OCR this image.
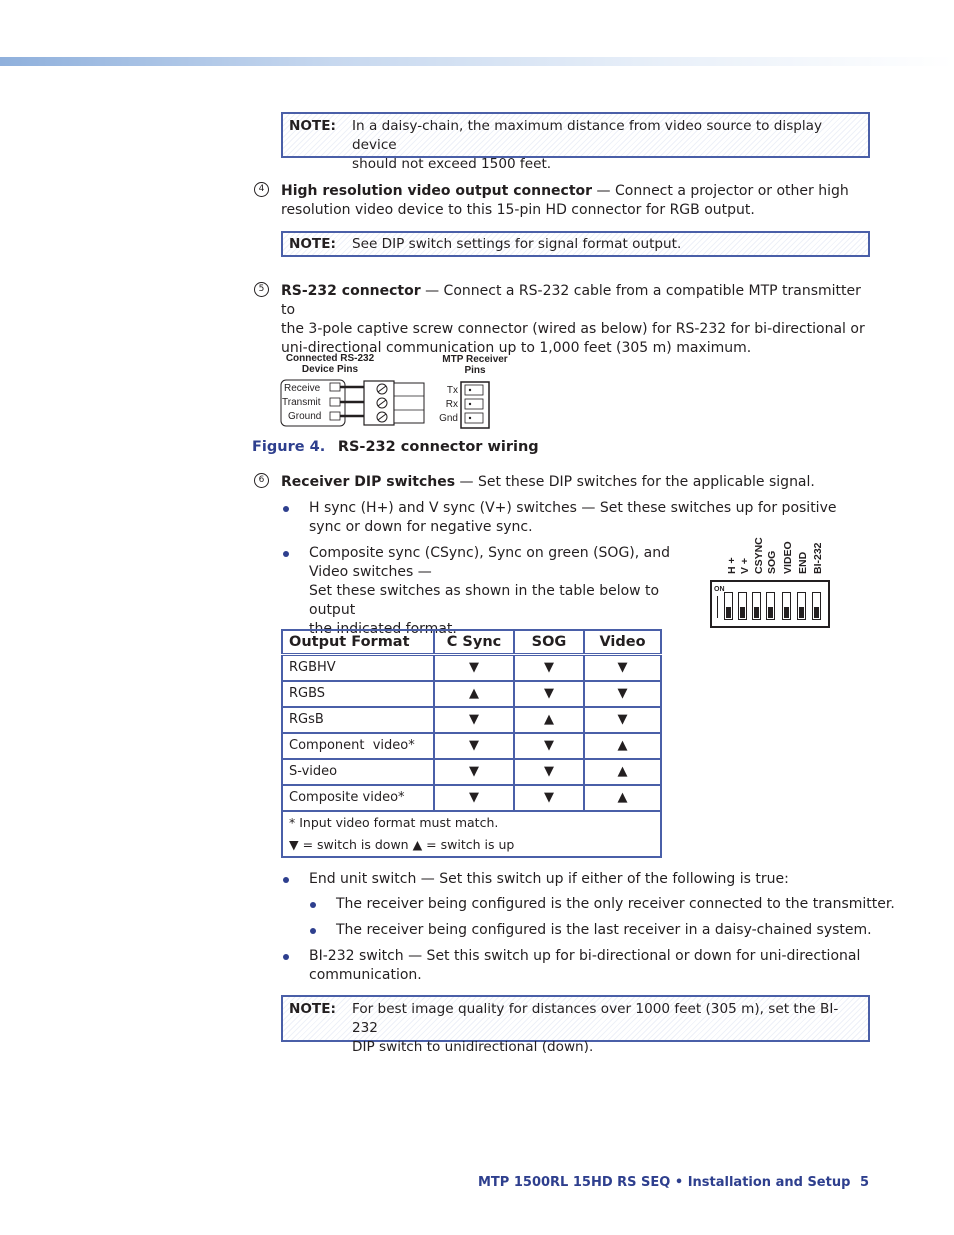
NOTE: In a daisy-chain, the maximum distance from video source to display device
should not exceed 1500 feet.
4	High resolution video output connector — Connect a projector or other high
resolution video device to this 15-pin HD connector for RGB output.
NOTE: See DIP switch settings for signal format output.
5	RS-232 connector — Connect a RS-232 cable from a compatible MTP transmitter to
the 3-pole captive screw connector (wired as below) for RS-232 for bi-directional or
uni-directional communication up to 1,000 feet (305 m) maximum.
Connected RS-232
Device Pins
MTP Receiver
Pins
Receive
Transmit
Ground
Tx
Rx
Gnd
Figure 4. RS-232 connector wiring
6	Receiver DIP switches — Set these DIP switches for the applicable signal.
H sync (H+) and V sync (V+) switches — Set these switches up for positive
sync or down for negative sync.
Composite sync (CSync), Sync on green (SOG), and
Video switches —
Set these switches as shown in the table below to output
the indicated format.
H + V + CSYNC SOG VIDEO END BI-232
ON
Output Format	C Sync	SOG	Video
RGBHV	▼	▼	▼
RGBS	▲	▼	▼
RGsB	▼	▲	▼
Component  video*	▼	▼	▲
S-video	▼	▼	▲
Composite video*	▼	▼	▲

* Input video format must match.
▼ = switch is down ▲ = switch is up			
End unit switch — Set this switch up if either of the following is true:
The receiver being configured is the only receiver connected to the transmitter.
The receiver being configured is the last receiver in a daisy-chained system.
BI-232 switch — Set this switch up for bi-directional or down for uni-directional
communication.
NOTE: For best image quality for distances over 1000 feet (305 m), set the BI-232
DIP switch to unidirectional (down).
MTP 1500RL 15HD RS SEQ • Installation and Setup 5
